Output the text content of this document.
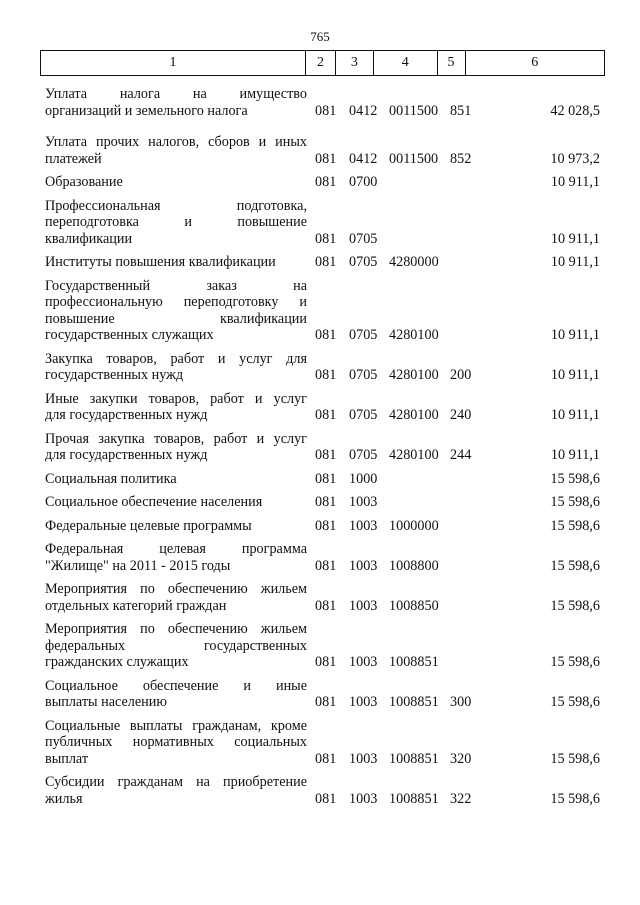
765
1	2	3	4	5	6
Уплата налога на имущество
организаций и земельного налога	081 0412 0011500 851	42 028,5
Уплата прочих налогов, сборов и иных
платежей	081 0412 0011500 852	10 973,2
Образование	081 0700	10 911,1
Профессиональная подготовка,
переподготовка и повышение
квалификации	081 0705	10 911,1
Институты повышения квалификации	081 0705 4280000	10 911,1
Государственный заказ на
профессиональную переподготовку и
повышение квалификации
государственных служащих	081 0705 4280100	10 911,1
Закупка товаров, работ и услуг для
государственных нужд	081 0705 4280100 200	10 911,1
Иные закупки товаров, работ и услуг
для государственных нужд	081 0705 4280100 240	10 911,1
Прочая закупка товаров, работ и услуг
для государственных нужд	081 0705 4280100 244	10 911,1
Социальная политика	081 1000	15 598,6
Социальное обеспечение населения	081 1003	15 598,6
Федеральные целевые программы	081 1003 1000000	15 598,6
Федеральная целевая программа
"Жилище" на 2011 - 2015 годы	081 1003 1008800	15 598,6
Мероприятия по обеспечению жильем
отдельных категорий граждан	081 1003 1008850	15 598,6
Мероприятия по обеспечению жильем
федеральных государственных
гражданских служащих	081 1003 1008851	15 598,6
Социальное обеспечение и иные
выплаты населению	081 1003 1008851 300	15 598,6
Социальные выплаты гражданам, кроме
публичных нормативных социальных
выплат	081 1003 1008851 320	15 598,6
Субсидии гражданам на приобретение
жилья	081 1003 1008851 322	15 598,6
